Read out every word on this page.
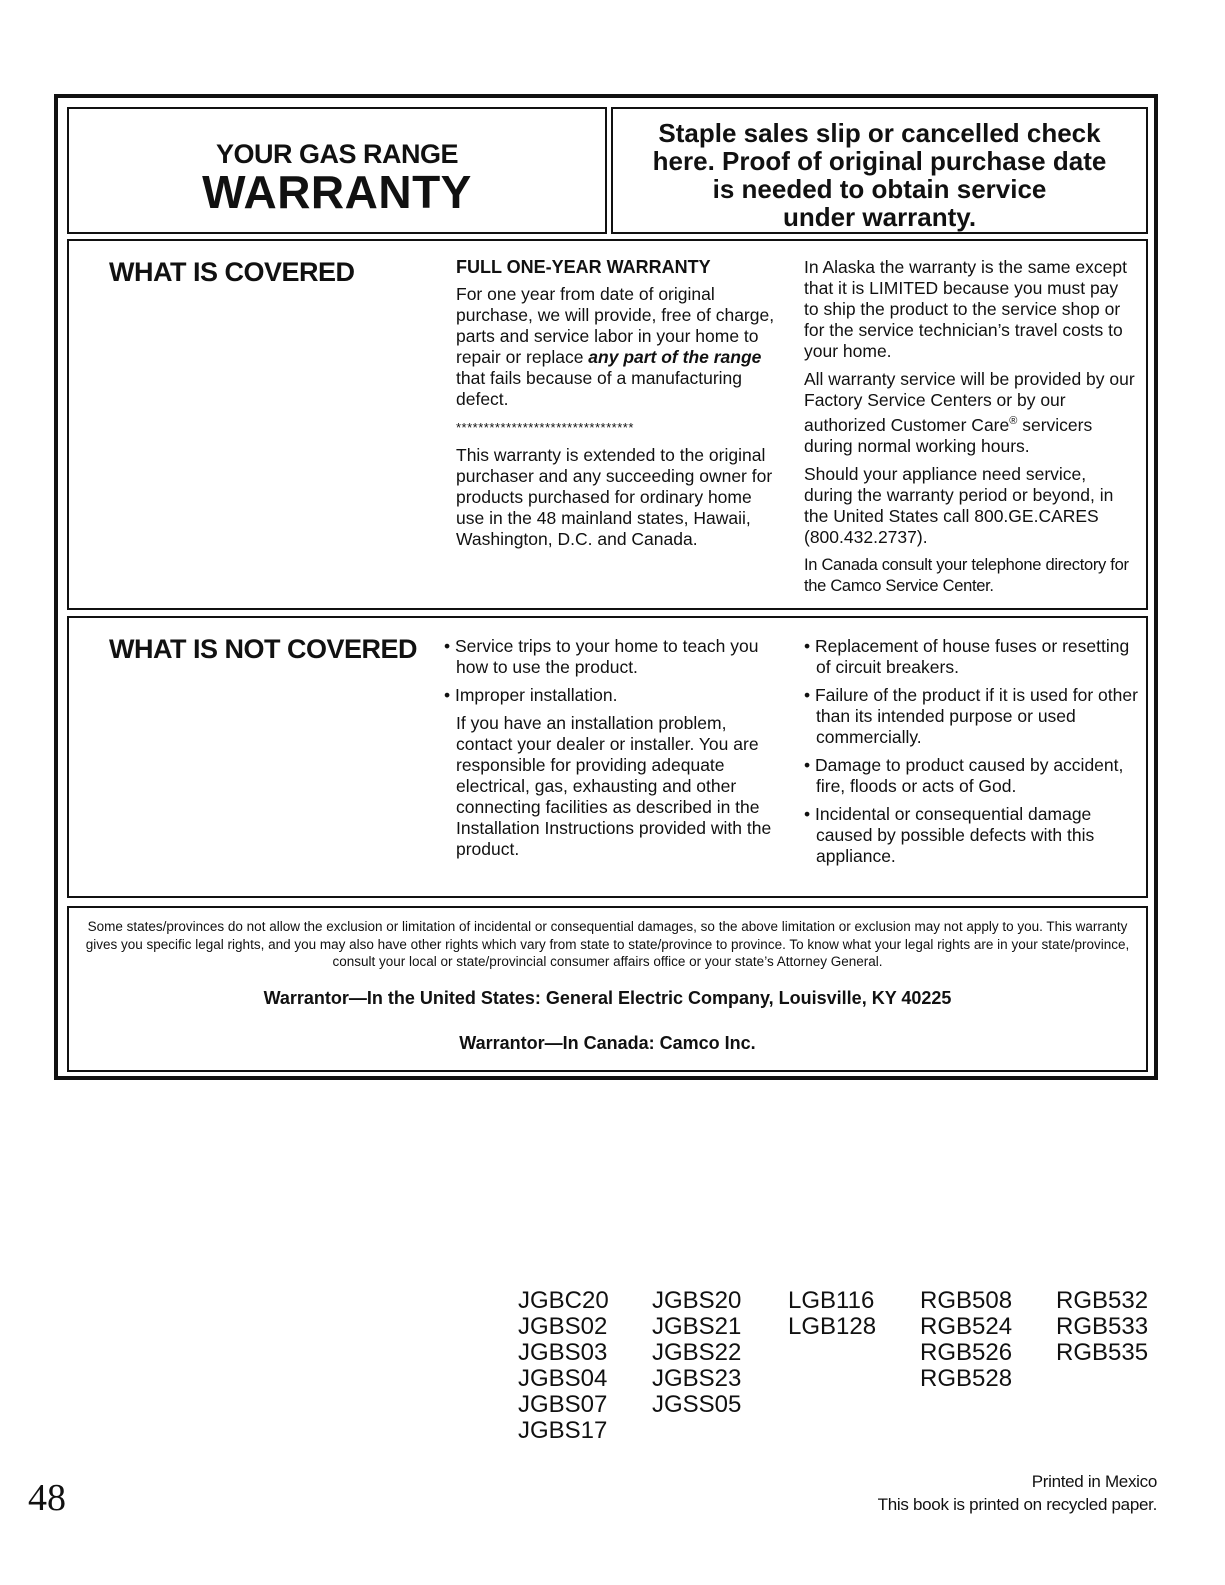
YOUR GAS RANGE
WARRANTY
Staple sales slip or cancelled check
here. Proof of original purchase date
is needed to obtain service
under warranty.
WHAT IS COVERED	FULL ONE-YEAR WARRANTY

For one year from date of original purchase, we will provide, free of charge, parts and service labor in your home to repair or replace any part of the range that fails because of a manufacturing defect.

********************************

This warranty is extended to the original purchaser and any succeeding owner for products purchased for ordinary home use in the 48 mainland states, Hawaii, Washington, D.C. and Canada.

In Alaska the warranty is the same except that it is LIMITED because you must pay to ship the product to the service shop or for the service technician’s travel costs to your home.

All warranty service will be provided by our Factory Service Centers or by our authorized Customer Care® servicers during normal working hours.

Should your appliance need service, during the warranty period or beyond, in the United States call 800.GE.CARES (800.432.2737).

In Canada consult your telephone directory for the Camco Service Center.

WHAT IS NOT COVERED • Service trips to your home to teach you how to use the product.

• Improper installation.

If you have an installation problem, contact your dealer or installer. You are responsible for providing adequate electrical, gas, exhausting and other connecting facilities as described in the Installation Instructions provided with the product.

• Replacement of house fuses or resetting of circuit breakers.

• Failure of the product if it is used for other than its intended purpose or used commercially.

• Damage to product caused by accident, fire, floods or acts of God.

• Incidental or consequential damage caused by possible defects with this appliance.

Some states/provinces do not allow the exclusion or limitation of incidental or consequential damages, so the above limitation or exclusion may not apply to you. This warranty gives you specific legal rights, and you may also have other rights which vary from state to state/province to province. To know what your legal rights are in your state/province, consult your local or state/provincial consumer affairs office or your state’s Attorney General.
Warrantor—In the United States: General Electric Company, Louisville, KY 40225
Warrantor—In Canada: Camco Inc.
JGBC20
JGBS02
JGBS03
JGBS04
JGBS07
JGBS17
JGBS20
JGBS21
JGBS22
JGBS23
JGSS05
LGB116
LGB128
RGB508
RGB524
RGB526
RGB528
RGB532
RGB533
RGB535
48	Printed in Mexico
This book is printed on recycled paper.
